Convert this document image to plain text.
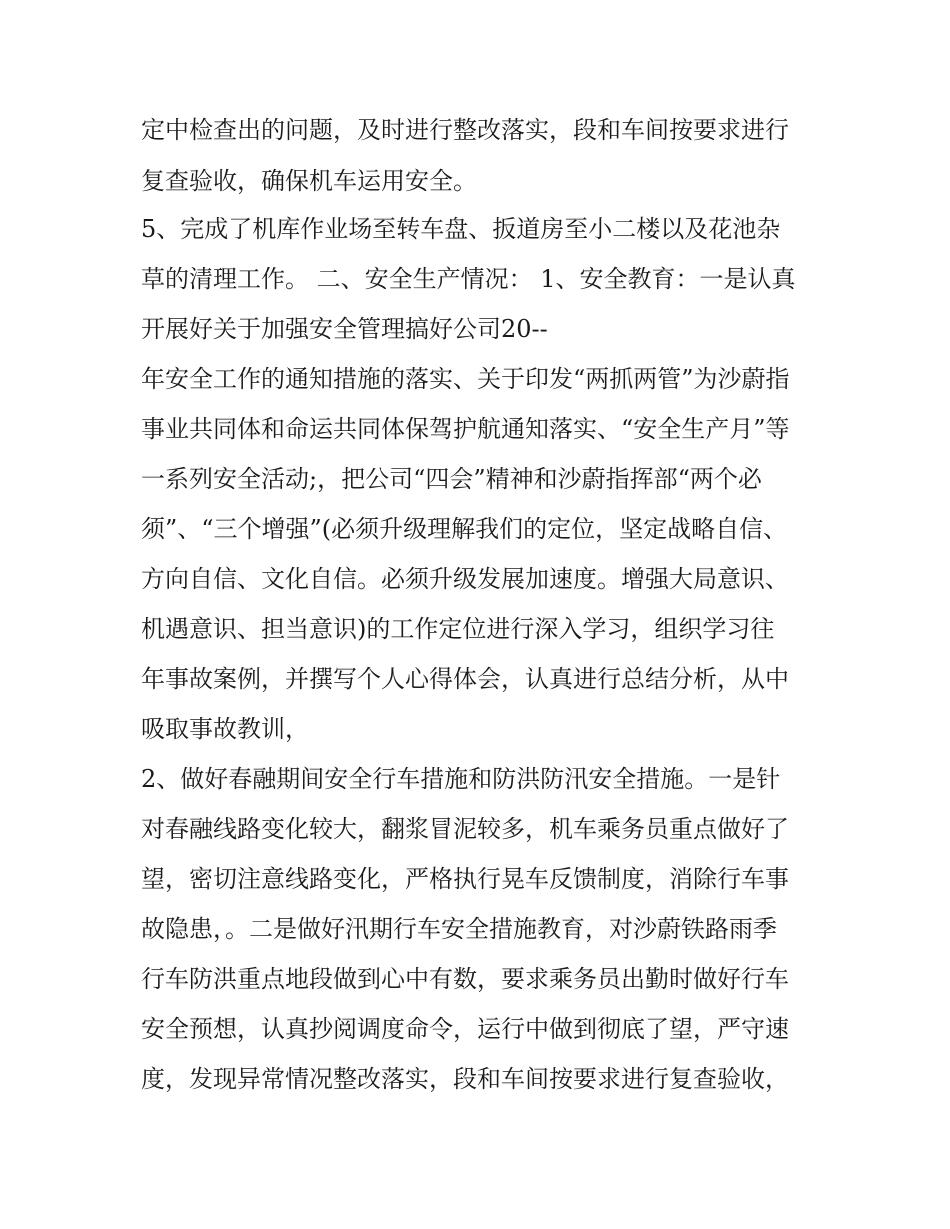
定中检查出的问题，及时进行整改落实，段和车间按要求进行
复查验收，确保机车运用安全。
5、完成了机库作业场至转车盘、扳道房至小二楼以及花池杂
草的清理工作。 二、安全生产情况： 1、安全教育：一是认真
开展好关于加强安全管理搞好公司20--
年安全工作的通知措施的落实、关于印发“两抓两管”为沙蔚指
事业共同体和命运共同体保驾护航通知落实、“安全生产月”等
一系列安全活动;，把公司“四会”精神和沙蔚指挥部“两个必
须”、“三个增强”(必须升级理解我们的定位，坚定战略自信、
方向自信、文化自信。必须升级发展加速度。增强大局意识、
机遇意识、担当意识)的工作定位进行深入学习，组织学习往
年事故案例，并撰写个人心得体会，认真进行总结分析，从中
吸取事故教训，
2、做好春融期间安全行车措施和防洪防汛安全措施。一是针
对春融线路变化较大，翻浆冒泥较多，机车乘务员重点做好了
望，密切注意线路变化，严格执行晃车反馈制度，消除行车事
故隐患，。二是做好汛期行车安全措施教育，对沙蔚铁路雨季
行车防洪重点地段做到心中有数，要求乘务员出勤时做好行车
安全预想，认真抄阅调度命令，运行中做到彻底了望，严守速
度，发现异常情况整改落实，段和车间按要求进行复查验收，
